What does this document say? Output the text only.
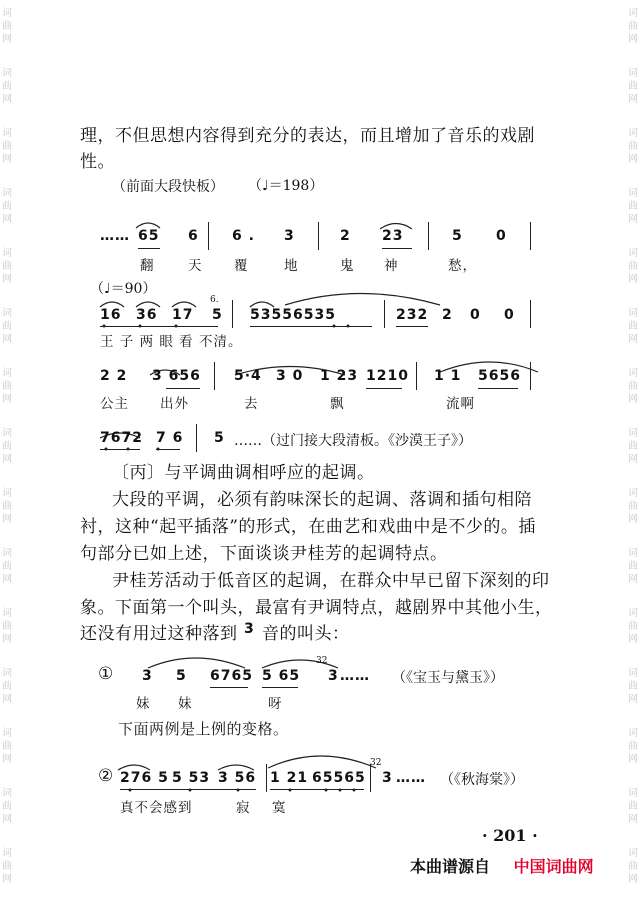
词
曲
网
词
曲
网
词
曲
网
词
曲
网
词
曲
网
词
曲
网
词
曲
网
词
曲
网
词
曲
网
词
曲
网
词
曲
网
词
曲
网
词
曲
网
词
曲
网
词
曲
网
词
曲
网
词
曲
网
词
曲
网
词
曲
网
词
曲
网
词
曲
网
词
曲
网
词
曲
网
词
曲
网
词
曲
网
词
曲
网
词
曲
网
词
曲
网
词
曲
网
词
曲
网
理，不但思想内容得到充分的表达，而且增加了音乐的戏剧
性。
（前面大段快板） （♩＝198）
…… 65 6 6 . 3	2 23	5 0
翻 天 覆	地	鬼 神	愁，
（♩＝90）
16 36 17
6.
5 53556535	232 2 0 0
王 子 两 眼 看 不清。
2 2 3 656 5·4 3 0 1 23 1210 1 1 5656
公主 出外	去	飘	流啊
7672 7 6 5 ……（过门接大段清板。《沙漠王子》）
〔丙〕与平调曲调相呼应的起调。
大段的平调，必须有韵味深长的起调、落调和插句相陪
衬，这种“起平插落”的形式，在曲艺和戏曲中是不少的。插
句部分已如上述，下面谈谈尹桂芳的起调特点。
尹桂芳活动于低音区的起调，在群众中早已留下深刻的印
象。下面第一个叫头，最富有尹调特点，越剧界中其他小生，
还没有用过这种落到 3 音的叫头：
① 3 5 6765 5 65
32
3 …… （《宝玉与黛玉》）
妹 妹	呀
下面两例是上例的变格。
② 276 5 5 53 3 56 1 21 65565
32
3 …… （《秋海棠》）
真不会感到	寂 寞
· 201 ·
本曲谱源自 中国词曲网
